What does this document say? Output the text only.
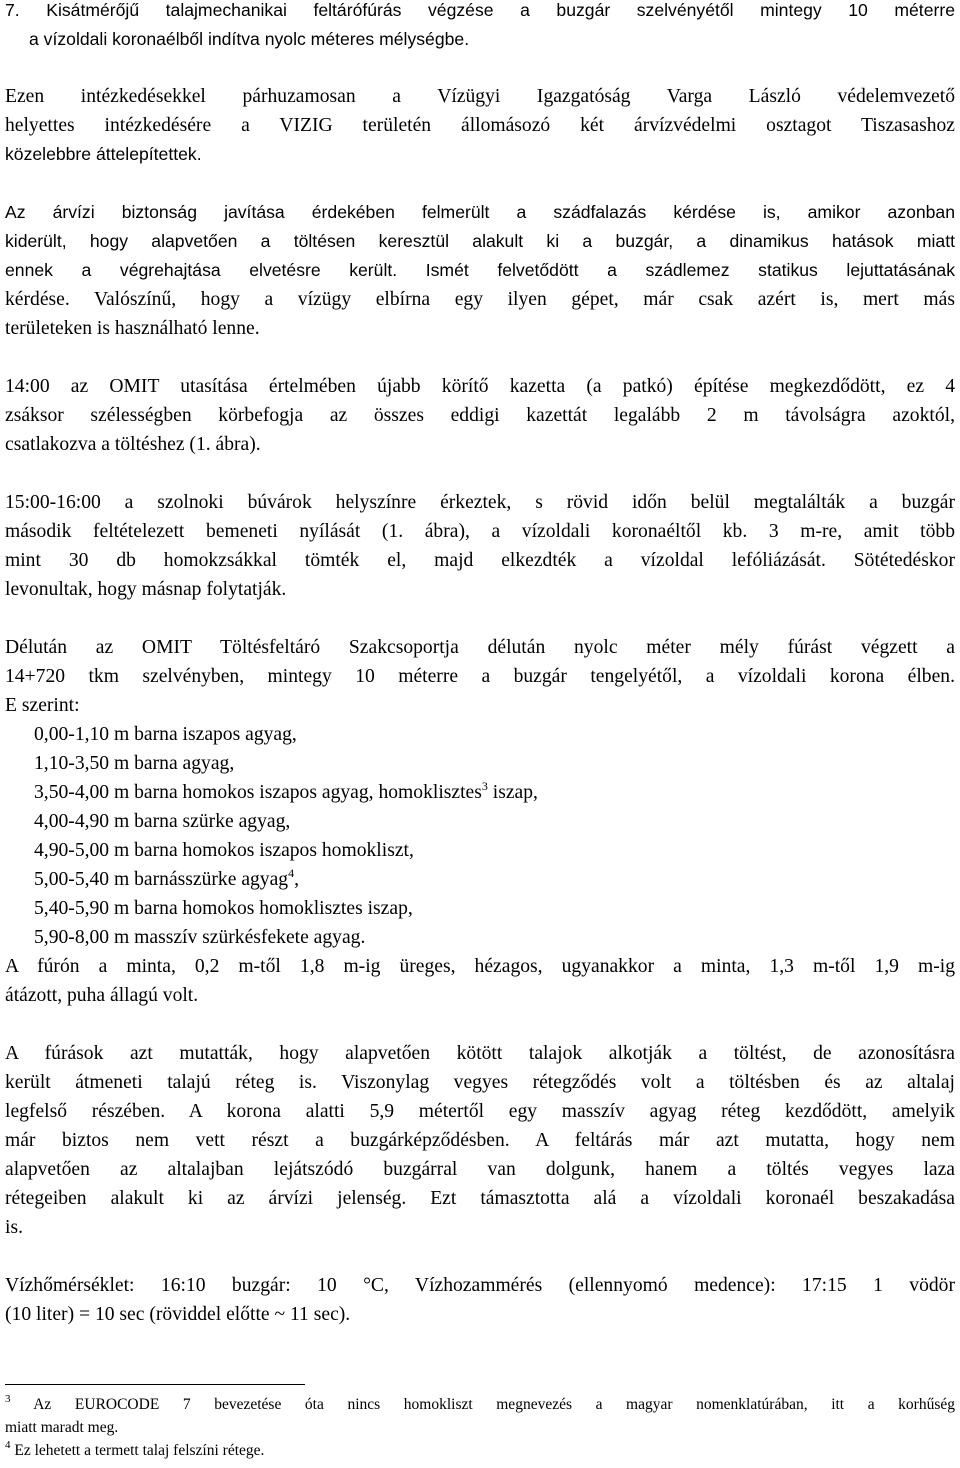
7. Kisátmérőjű talajmechanikai feltárófúrás végzése a buzgár szelvényétől mintegy 10 méterre
a vízoldali koronaélből indítva nyolc méteres mélységbe.
Ezen intézkedésekkel párhuzamosan a Vízügyi Igazgatóság Varga László védelemvezető
helyettes intézkedésére a VIZIG területén állomásozó két árvízvédelmi osztagot Tiszasashoz
közelebbre áttelepítettek.
Az árvízi biztonság javítása érdekében felmerült a szádfalazás kérdése is, amikor azonban
kiderült, hogy alapvetően a töltésen keresztül alakult ki a buzgár, a dinamikus hatások miatt
ennek a végrehajtása elvetésre került. Ismét felvetődött a szádlemez statikus lejuttatásának
kérdése. Valószínű, hogy a vízügy elbírna egy ilyen gépet, már csak azért is, mert más
területeken is használható lenne.
14:00 az OMIT utasítása értelmében újabb körítő kazetta (a patkó) építése megkezdődött, ez 4
zsáksor szélességben körbefogja az összes eddigi kazettát legalább 2 m távolságra azoktól,
csatlakozva a töltéshez (1. ábra).
15:00-16:00 a szolnoki búvárok helyszínre érkeztek, s rövid időn belül megtalálták a buzgár
második feltételezett bemeneti nyílását (1. ábra), a vízoldali koronaéltől kb. 3 m-re, amit több
mint 30 db homokzsákkal tömték el, majd elkezdték a vízoldal lefóliázását. Sötétedéskor
levonultak, hogy másnap folytatják.
Délután az OMIT Töltésfeltáró Szakcsoportja délután nyolc méter mély fúrást végzett a
14+720 tkm szelvényben, mintegy 10 méterre a buzgár tengelyétől, a vízoldali korona élben.
E szerint:
0,00-1,10 m barna iszapos agyag,
1,10-3,50 m barna agyag,
3,50-4,00 m barna homokos iszapos agyag, homoklisztes$^3$ iszap,
4,00-4,90 m barna szürke agyag,
4,90-5,00 m barna homokos iszapos homokliszt,
5,00-5,40 m barnásszürke agyag$^4$,
5,40-5,90 m barna homokos homoklisztes iszap,
5,90-8,00 m masszív szürkésfekete agyag.
A fúrón a minta, 0,2 m-től 1,8 m-ig üreges, hézagos, ugyanakkor a minta, 1,3 m-től 1,9 m-ig
átázott, puha állagú volt.
A fúrások azt mutatták, hogy alapvetően kötött talajok alkotják a töltést, de azonosításra
került átmeneti talajú réteg is. Viszonylag vegyes rétegződés volt a töltésben és az altalaj
legfelső részében. A korona alatti 5,9 métertől egy masszív agyag réteg kezdődött, amelyik
már biztos nem vett részt a buzgárképződésben. A feltárás már azt mutatta, hogy nem
alapvetően az altalajban lejátszódó buzgárral van dolgunk, hanem a töltés vegyes laza
rétegeiben alakult ki az árvízi jelenség. Ezt támasztotta alá a vízoldali koronaél beszakadása
is.
Vízhőmérséklet: 16:10 buzgár: 10 °C, Vízhozammérés (ellennyomó medence): 17:15 1 vödör
(10 liter) = 10 sec (röviddel előtte ~ 11 sec).
$^3$ Az EUROCODE 7 bevezetése óta nincs homokliszt megnevezés a magyar nomenklatúrában, itt a korhűség
miatt maradt meg.
$^4$ Ez lehetett a termett talaj felszíni rétege.
